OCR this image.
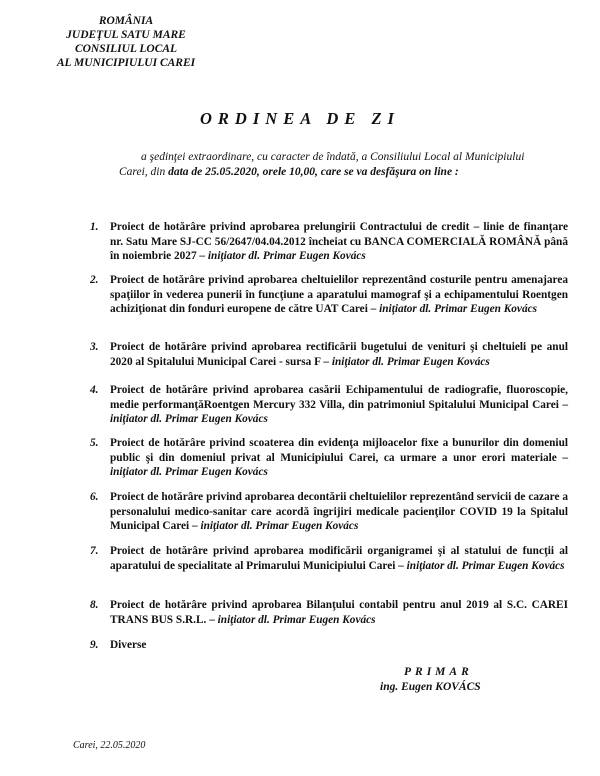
ROMÂNIA
JUDEŢUL SATU MARE
CONSILIUL LOCAL
AL MUNICIPIULUI CAREI
ORDINEA DE ZI
a şedinţei extraordinare, cu caracter de îndată, a Consiliului Local al Municipiului
Carei, din data de 25.05.2020, orele 10,00, care se va desfăşura on line :
1. Proiect de hotărâre privind aprobarea prelungirii Contractului de credit – linie de finanţare nr. Satu Mare SJ-CC 56/2647/04.04.2012 încheiat cu BANCA COMERCIALĂ ROMÂNĂ până în noiembrie 2027 – iniţiator dl. Primar Eugen Kovács
2. Proiect de hotărâre privind aprobarea cheltuielilor reprezentând costurile pentru amenajarea spaţiilor în vederea punerii în funcţiune a aparatului mamograf şi a echipamentului Roentgen achiziţionat din fonduri europene de către UAT Carei – iniţiator dl. Primar Eugen Kovács
3. Proiect de hotărâre privind aprobarea rectificării bugetului de venituri şi cheltuieli pe anul 2020 al Spitalului Municipal Carei - sursa F – iniţiator dl. Primar Eugen Kovács
4. Proiect de hotărâre privind aprobarea casării Echipamentului de radiografie, fluoroscopie, medie performanţăRoentgen Mercury 332 Villa, din patrimoniul Spitalului Municipal Carei – iniţiator dl. Primar Eugen Kovács
5. Proiect de hotărâre privind scoaterea din evidenţa mijloacelor fixe a bunurilor din domeniul public şi din domeniul privat al Municipiului Carei, ca urmare a unor erori materiale – iniţiator dl. Primar Eugen Kovács
6. Proiect de hotărâre privind aprobarea decontării cheltuielilor reprezentând servicii de cazare a personalului medico-sanitar care acordă îngrijiri medicale pacienţilor COVID 19 la Spitalul Municipal Carei – iniţiator dl. Primar Eugen Kovács
7. Proiect de hotărâre privind aprobarea modificării organigramei şi al statului de funcţii al aparatului de specialitate al Primarului Municipiului Carei – iniţiator dl. Primar Eugen Kovács
8. Proiect de hotărâre privind aprobarea Bilanţului contabil pentru anul 2019 al S.C. CAREI TRANS BUS S.R.L. – iniţiator dl. Primar Eugen Kovács
9. Diverse
PRIMAR
ing. Eugen KOVÁCS
Carei, 22.05.2020
